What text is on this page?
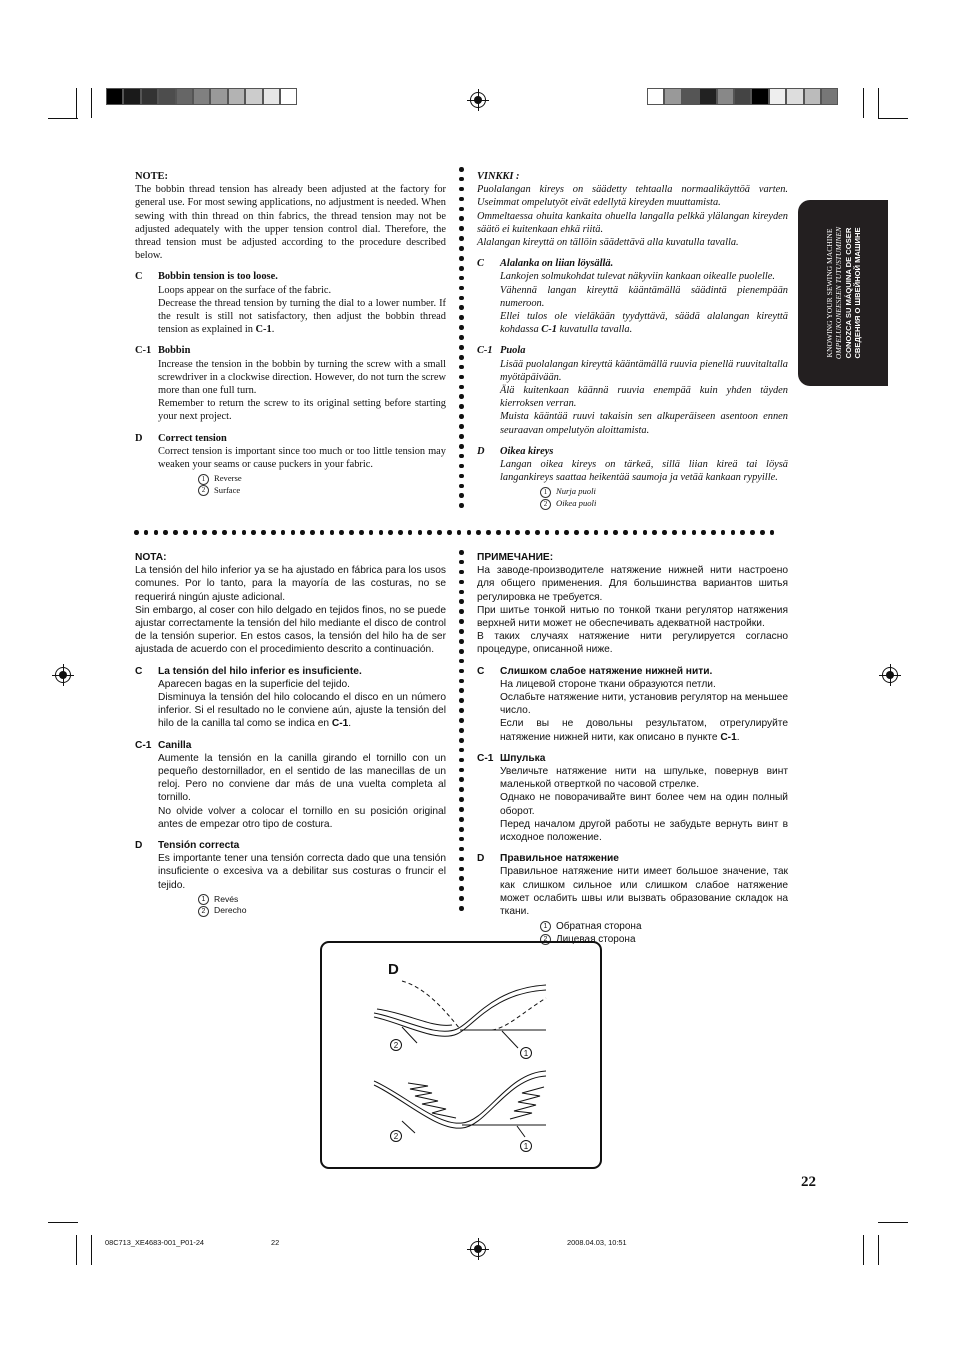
KNOWING YOUR SEWING MACHINE OMPELUKONEESEEN TUTUSTUMINEN CONOZCA SU MÁQUINA DE COSER СВЕДЕНИЯ О ШВЕЙНОЙ МАШИНЕ

NOTE:

The bobbin thread tension has already been adjusted at the factory for general use. For most sewing applications, no adjustment is needed. When sewing with thin thread on thin fabrics, the thread tension may not be adjusted adequately with the upper tension control dial. Therefore, the thread tension must be adjusted according to the procedure described below.

C	Bobbin tension is too loose.

Loops appear on the surface of the fabric.

Decrease the thread tension by turning the dial to a lower number. If the result is still not satisfactory, then adjust the bobbin thread tension as explained in C-1.

C-1 Bobbin

Increase the tension in the bobbin by turning the screw with a small screwdriver in a clockwise direction. However, do not turn the screw more than one full turn.

Remember to return the screw to its original setting before starting your next project.

D	Correct tension

Correct tension is important since too much or too little tension may weaken your seams or cause puckers in your fabric.

1 Reverse
2 Surface

VINKKI :

Puolalangan kireys on säädetty tehtaalla normaalikäyttöä varten. Useimmat ompelutyöt eivät edellytä kireyden muuttamista.

Ommeltaessa ohuita kankaita ohuella langalla pelkkä ylälangan kireyden säätö ei kuitenkaan ehkä riitä.

Alalangan kireyttä on tällöin säädettävä alla kuvatulla tavalla.

C	Alalanka on liian löysällä.

Lankojen solmukohdat tulevat näkyviin kankaan oikealle puolelle.

Vähennä langan kireyttä kääntämällä säädintä pienempään numeroon.

Ellei tulos ole vieläkään tyydyttävä, säädä alalangan kireyttä kohdassa C-1 kuvatulla tavalla.

C-1 Puola

Lisää puolalangan kireyttä kääntämällä ruuvia pienellä ruuvitaltalla myötäpäivään.

Älä kuitenkaan käännä ruuvia enempää kuin yhden täyden kierroksen verran.

Muista kääntää ruuvi takaisin sen alkuperäiseen asentoon ennen seuraavan ompelutyön aloittamista.

D	Oikea kireys

Langan oikea kireys on tärkeä, sillä liian kireä tai löysä langankireys saattaa heikentää saumoja ja vetää kankaan rypyille.

1 Nurja puoli
2 Oikea puoli

NOTA:

La tensión del hilo inferior ya se ha ajustado en fábrica para los usos comunes. Por lo tanto, para la mayoría de las costuras, no se requerirá ningún ajuste adicional.

Sin embargo, al coser con hilo delgado en tejidos finos, no se puede ajustar correctamente la tensión del hilo mediante el disco de control de la tensión superior. En estos casos, la tensión del hilo ha de ser ajustada de acuerdo con el procedimiento descrito a continuación.

C	La tensión del hilo inferior es insuficiente.

Aparecen bagas en la superficie del tejido.

Disminuya la tensión del hilo colocando el disco en un número inferior. Si el resultado no le conviene aún, ajuste la tensión del hilo de la canilla tal como se indica en C-1.

C-1 Canilla

Aumente la tensión en la canilla girando el tornillo con un pequeño destornillador, en el sentido de las manecillas de un reloj. Pero no conviene dar más de una vuelta completa al tornillo.

No olvide volver a colocar el tornillo en su posición original antes de empezar otro tipo de costura.

D	Tensión correcta

Es importante tener una tensión correcta dado que una tensión insuficiente o excesiva va a debilitar sus costuras o fruncir el tejido.

1 Revés
2 Derecho

ПРИМЕЧАНИЕ:

На заводе-производителе натяжение нижней нити настроено для общего применения. Для большинства вариантов шитья регулировка не требуется.

При шитье тонкой нитью по тонкой ткани регулятор натяжения верхней нити может не обеспечивать адекватной настройки.

В таких случаях натяжение нити регулируется согласно процедуре, описанной ниже.

C	Слишком слабое натяжение нижней нити.

На лицевой стороне ткани образуются петли.

Ослабьте натяжение нити, установив регулятор на меньшее число.

Если вы не довольны результатом, отрегулируйте натяжение нижней нити, как описано в пункте C-1.

C-1 Шпулька

Увеличьте натяжение нити на шпульке, повернув винт маленькой отверткой по часовой стрелке.

Однако не поворачивайте винт более чем на один полный оборот.

Перед началом другой работы не забудьте вернуть винт в исходное положение.

D	Правильное натяжение

Правильное натяжение нити имеет большое значение, так как слишком сильное или слишком слабое натяжение может ослабить швы или вызвать образование складок на ткани.

1 Обратная сторона
2 Лицевая сторона
D
2
1
2
1
22
08C713_XE4683-001_P01-24	22	2008.04.03, 10:51
